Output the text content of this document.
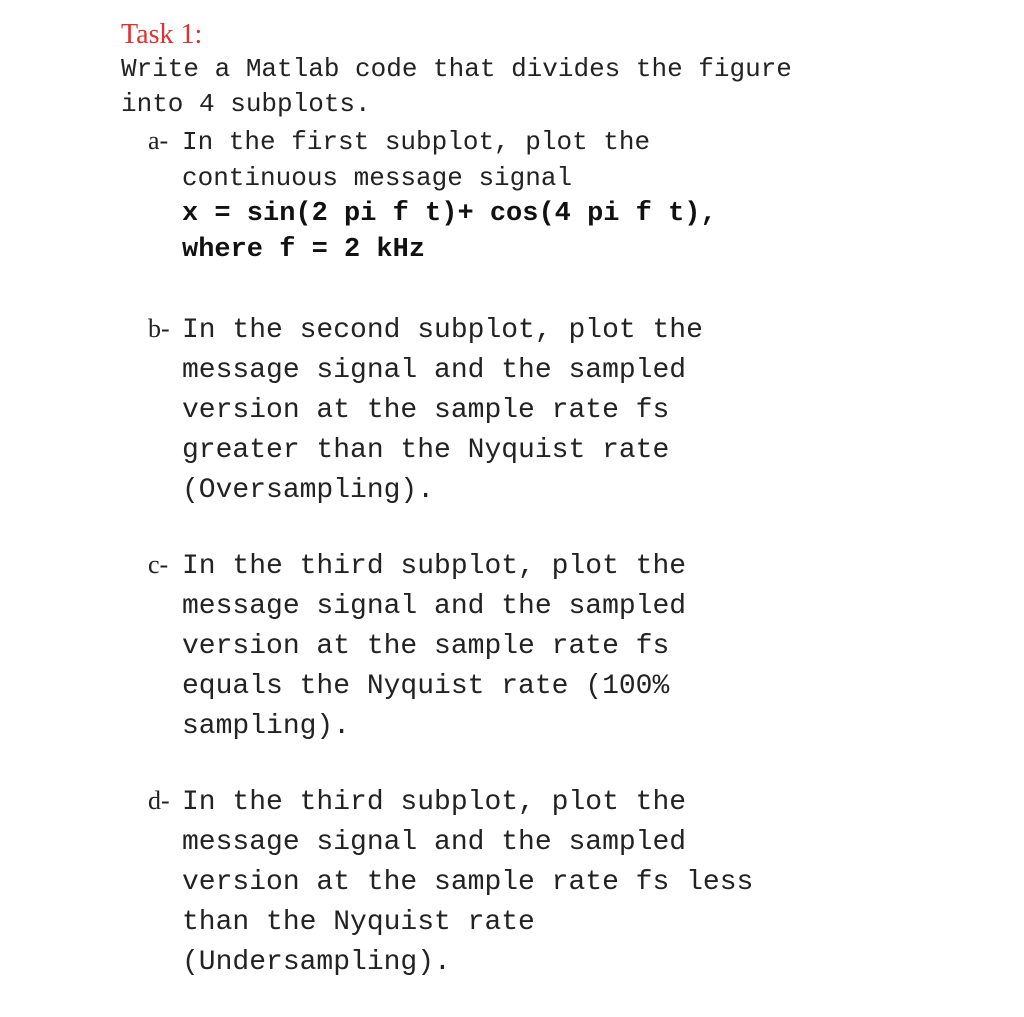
Task 1:
Write a Matlab code that divides the figure
into 4 subplots.
a- In the first subplot, plot the
continuous message signal
x = sin(2 pi f t)+ cos(4 pi f t),
where f = 2 kHz
b- In the second subplot, plot the
message signal and the sampled
version at the sample rate fs
greater than the Nyquist rate
(Oversampling).
c- In the third subplot, plot the
message signal and the sampled
version at the sample rate fs
equals the Nyquist rate (100%
sampling).
d- In the third subplot, plot the
message signal and the sampled
version at the sample rate fs less
than the Nyquist rate
(Undersampling).
